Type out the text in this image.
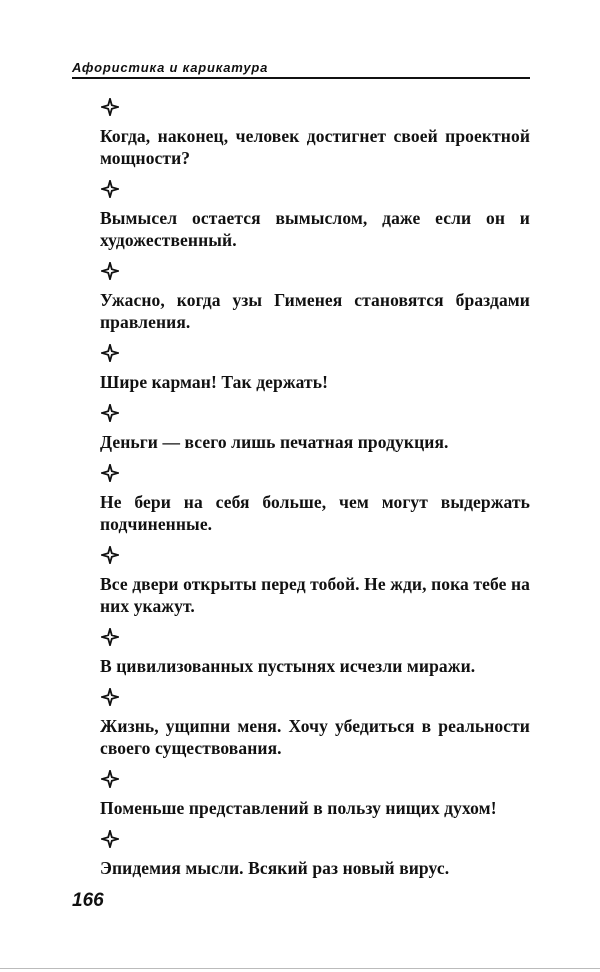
Афористика и карикатура
Когда, наконец, человек достигнет своей проектной мощности?
Вымысел остается вымыслом, даже если он и художественный.
Ужасно, когда узы Гименея становятся браздами правления.
Шире карман! Так держать!
Деньги — всего лишь печатная продукция.
Не бери на себя больше, чем могут выдержать подчиненные.
Все двери открыты перед тобой. Не жди, пока тебе на них укажут.
В цивилизованных пустынях исчезли миражи.
Жизнь, ущипни меня. Хочу убедиться в реальности своего существования.
Поменьше представлений в пользу нищих духом!
Эпидемия мысли. Всякий раз новый вирус.
166
